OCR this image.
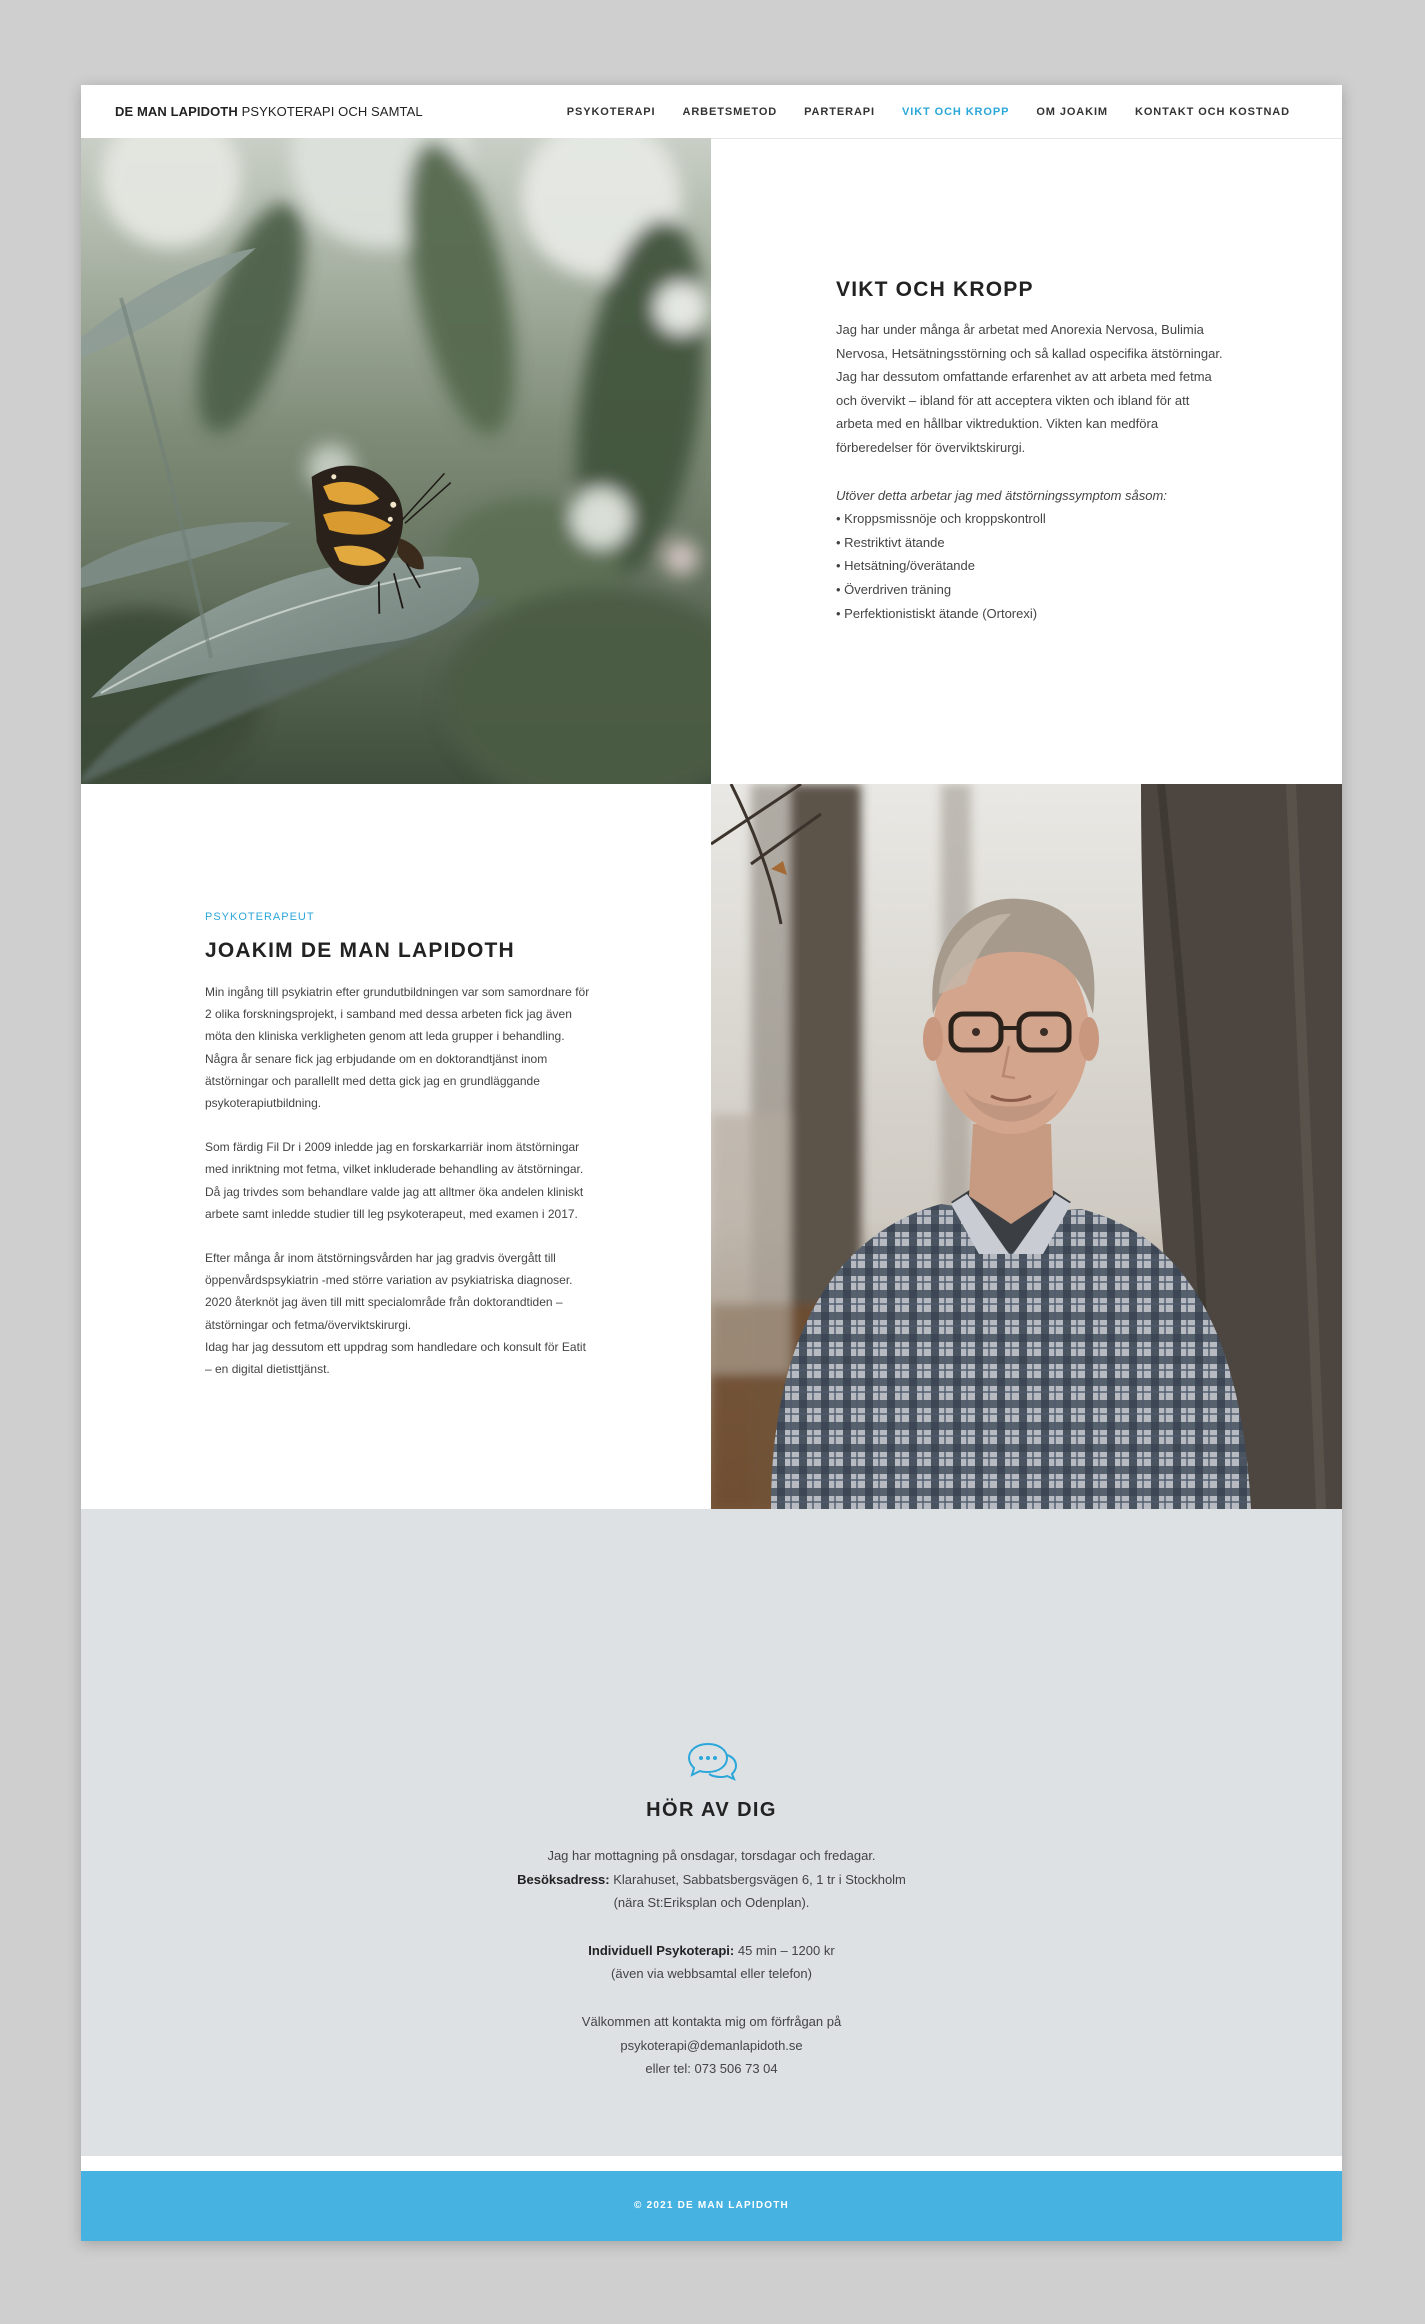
DE MAN LAPIDOTH PSYKOTERAPI OCH SAMTAL	PSYKOTERAPI ARBETSMETOD PARTERAPI VIKT OCH KROPP OM JOAKIM KONTAKT OCH KOSTNAD
VIKT OCH KROPP
Jag har under många år arbetat med Anorexia Nervosa, Bulimia Nervosa, Hetsätningsstörning och så kallad ospecifika ätstörningar. Jag har dessutom omfattande erfarenhet av att arbeta med fetma och övervikt – ibland för att acceptera vikten och ibland för att arbeta med en hållbar viktreduktion. Vikten kan medföra förberedelser för överviktskirurgi.
Utöver detta arbetar jag med ätstörningssymptom såsom:
• Kroppsmissnöje och kroppskontroll
• Restriktivt ätande
• Hetsätning/överätande
• Överdriven träning
• Perfektionistiskt ätande (Ortorexi)
PSYKOTERAPEUT
JOAKIM DE MAN LAPIDOTH
Min ingång till psykiatrin efter grundutbildningen var som samordnare för 2 olika forskningsprojekt, i samband med dessa arbeten fick jag även möta den kliniska verkligheten genom att leda grupper i behandling. Några år senare fick jag erbjudande om en doktorandtjänst inom ätstörningar och parallellt med detta gick jag en grundläggande psykoterapiutbildning.
Som färdig Fil Dr i 2009 inledde jag en forskarkarriär inom ätstörningar med inriktning mot fetma, vilket inkluderade behandling av ätstörningar. Då jag trivdes som behandlare valde jag att alltmer öka andelen kliniskt arbete samt inledde studier till leg psykoterapeut, med examen i 2017.
Efter många år inom ätstörningsvården har jag gradvis övergått till öppenvårdspsykiatrin -med större variation av psykiatriska diagnoser. 2020 återknöt jag även till mitt specialområde från doktorandtiden – ätstörningar och fetma/överviktskirurgi.
Idag har jag dessutom ett uppdrag som handledare och konsult för Eatit – en digital dietisttjänst.
HÖR AV DIG
Jag har mottagning på onsdagar, torsdagar och fredagar.
Besöksadress: Klarahuset, Sabbatsbergsvägen 6, 1 tr i Stockholm
(nära St:Eriksplan och Odenplan).
Individuell Psykoterapi: 45 min – 1200 kr
(även via webbsamtal eller telefon)
Välkommen att kontakta mig om förfrågan på
psykoterapi@demanlapidoth.se
eller tel: 073 506 73 04
© 2021 DE MAN LAPIDOTH
